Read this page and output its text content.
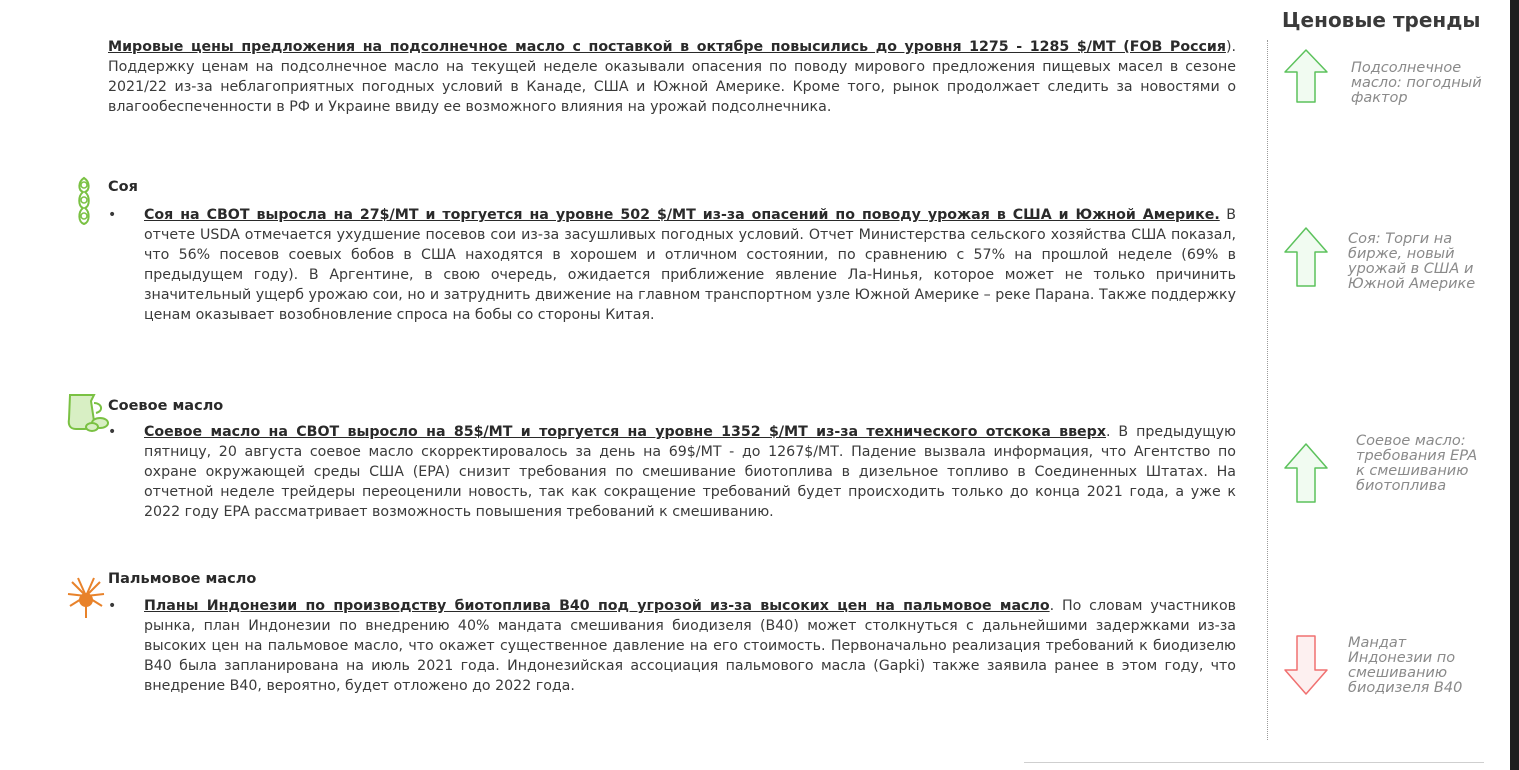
Мировые цены предложения на подсолнечное масло с поставкой в октябре повысились до уровня 1275 - 1285 $/МТ (FOB Россия). Поддержку ценам на подсолнечное масло на текущей неделе оказывали опасения по поводу мирового предложения пищевых масел в сезоне 2021/22 из-за неблагоприятных погодных условий в Канаде, США и Южной Америке. Кроме того, рынок продолжает следить за новостями о влагообеспеченности в РФ и Украине ввиду ее возможного влияния на урожай подсолнечника.

Соя

•	Соя на CBOT выросла на 27$/МТ и торгуется на уровне 502 $/МТ из-за опасений по поводу урожая в США и Южной Америке. В отчете USDA отмечается ухудшение посевов сои из-за засушливых погодных условий. Отчет Министерства сельского хозяйства США показал, что 56% посевов соевых бобов в США находятся в хорошем и отличном состоянии, по сравнению с 57% на прошлой неделе (69% в предыдущем году). В Аргентине, в свою очередь, ожидается приближение явление Ла-Нинья, которое может не только причинить значительный ущерб урожаю сои, но и затруднить движение на главном транспортном узле Южной Америке – реке Парана. Также поддержку ценам оказывает возобновление спроса на бобы со стороны Китая.

Соевое масло

•	Соевое масло на CBOT выросло на 85$/МТ и торгуется на уровне 1352 $/МТ из-за технического отскока вверх. В предыдущую пятницу, 20 августа соевое масло скорректировалось за день на 69$/МТ - до 1267$/МТ. Падение вызвала информация, что Агентство по охране окружающей среды США (EPA) снизит требования по смешивание биотоплива в дизельное топливо в Соединенных Штатах. На отчетной неделе трейдеры переоценили новость, так как сокращение требований будет происходить только до конца 2021 года, а уже к 2022 году EPA рассматривает возможность повышения требований к смешиванию.

Пальмовое масло

•	Планы Индонезии по производству биотоплива В40 под угрозой из-за высоких цен на пальмовое масло. По словам участников рынка, план Индонезии по внедрению 40% мандата смешивания биодизеля (B40) может столкнуться с дальнейшими задержками из-за высоких цен на пальмовое масло, что окажет существенное давление на его стоимость. Первоначально реализация требований к биодизелю B40 была запланирована на июль 2021 года. Индонезийская ассоциация пальмового масла (Gapki) также заявила ранее в этом году, что внедрение B40, вероятно, будет отложено до 2022 года.

Ценовые тренды

Подсолнечное масло: погодный фактор

Соя: Торги на бирже, новый урожай в США и Южной Америке

Соевое масло: требования EPA к смешиванию биотоплива

Мандат Индонезии по смешиванию биодизеля B40
